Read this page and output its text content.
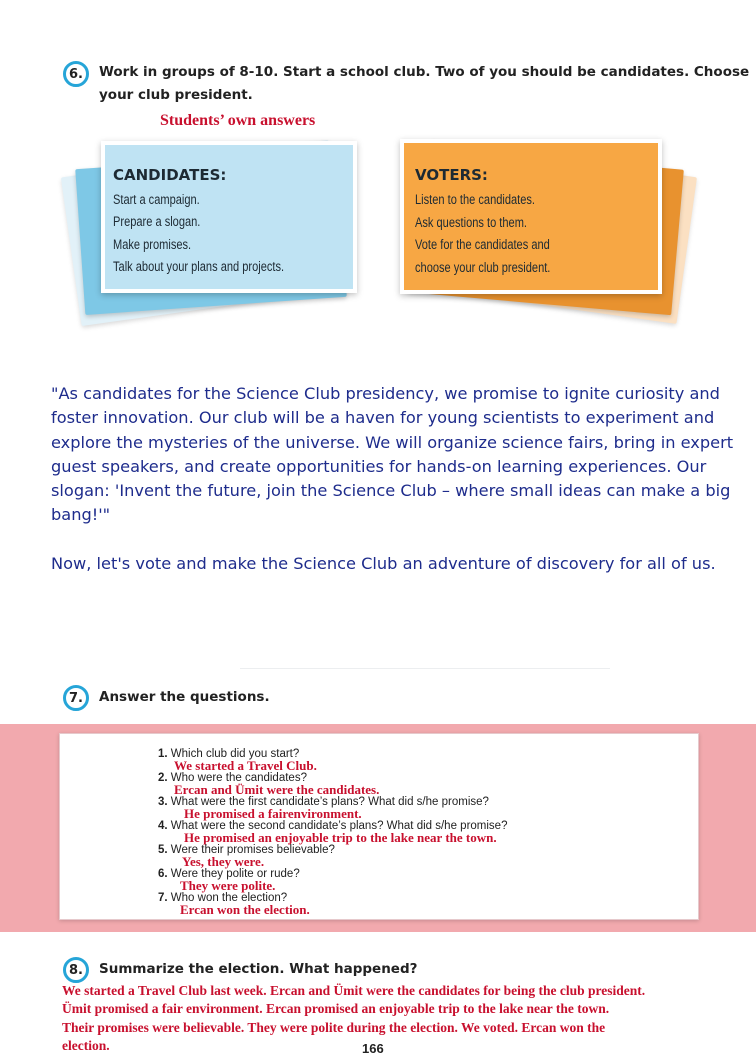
6.	Work in groups of 8-10. Start a school club. Two of you should be candidates. Choose
your club president.
Students’ own answers
CANDIDATES:
Start a campaign.
Prepare a slogan.
Make promises.
Talk about your plans and projects.
VOTERS:
Listen to the candidates.
Ask questions to them.
Vote for the candidates and
choose your club president.
"As candidates for the Science Club presidency, we promise to ignite curiosity and
foster innovation. Our club will be a haven for young scientists to experiment and
explore the mysteries of the universe. We will organize science fairs, bring in expert
guest speakers, and create opportunities for hands-on learning experiences. Our
slogan: 'Invent the future, join the Science Club – where small ideas can make a big
bang!'"
Now, let's vote and make the Science Club an adventure of discovery for all of us.
7.	Answer the questions.
1. Which club did you start?
We started a Travel Club.
2. Who were the candidates?
Ercan and Ümit were the candidates.
3. What were the first candidate’s plans? What did s/he promise?
He promised a fairenvironment.
4. What were the second candidate’s plans? What did s/he promise?
He promised an enjoyable trip to the lake near the town.
5. Were their promises believable?
Yes, they were.
6. Were they polite or rude?
They were polite.
7. Who won the election?
Ercan won the election.
8.	Summarize the election. What happened?
We started a Travel Club last week. Ercan and Ümit were the candidates for being the club president.
Ümit promised a fair environment. Ercan promised an enjoyable trip to the lake near the town.
Their promises were believable. They were polite during the election. We voted. Ercan won the
election.	166
